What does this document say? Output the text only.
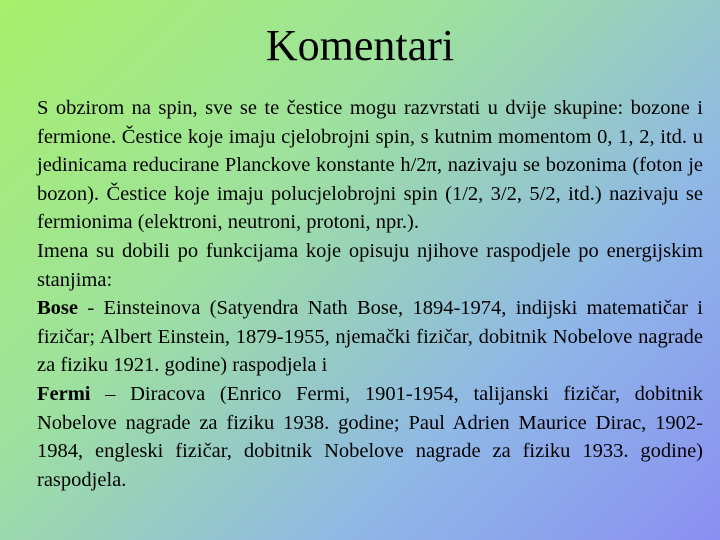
Komentari

S obzirom na spin, sve se te čestice mogu razvrstati u dvije skupine: bozone i fermione. Čestice koje imaju cjelobrojni spin, s kutnim momentom 0, 1, 2, itd. u jedinicama reducirane Planckove konstante h/2π, nazivaju se bozonima (foton je bozon). Čestice koje imaju polucjelobrojni spin (1/2, 3/2, 5/2, itd.) nazivaju se fermionima (elektroni, neutroni, protoni, npr.).

Imena su dobili po funkcijama koje opisuju njihove raspodjele po energijskim stanjima:

Bose - Einsteinova (Satyendra Nath Bose, 1894-1974, indijski matematičar i fizičar; Albert Einstein, 1879-1955, njemački fizičar, dobitnik Nobelove nagrade za fiziku 1921. godine) raspodjela i

Fermi – Diracova (Enrico Fermi, 1901-1954, talijanski fizičar, dobitnik Nobelove nagrade za fiziku 1938. godine; Paul Adrien Maurice Dirac, 1902-1984, engleski fizičar, dobitnik Nobelove nagrade za fiziku 1933. godine) raspodjela.
